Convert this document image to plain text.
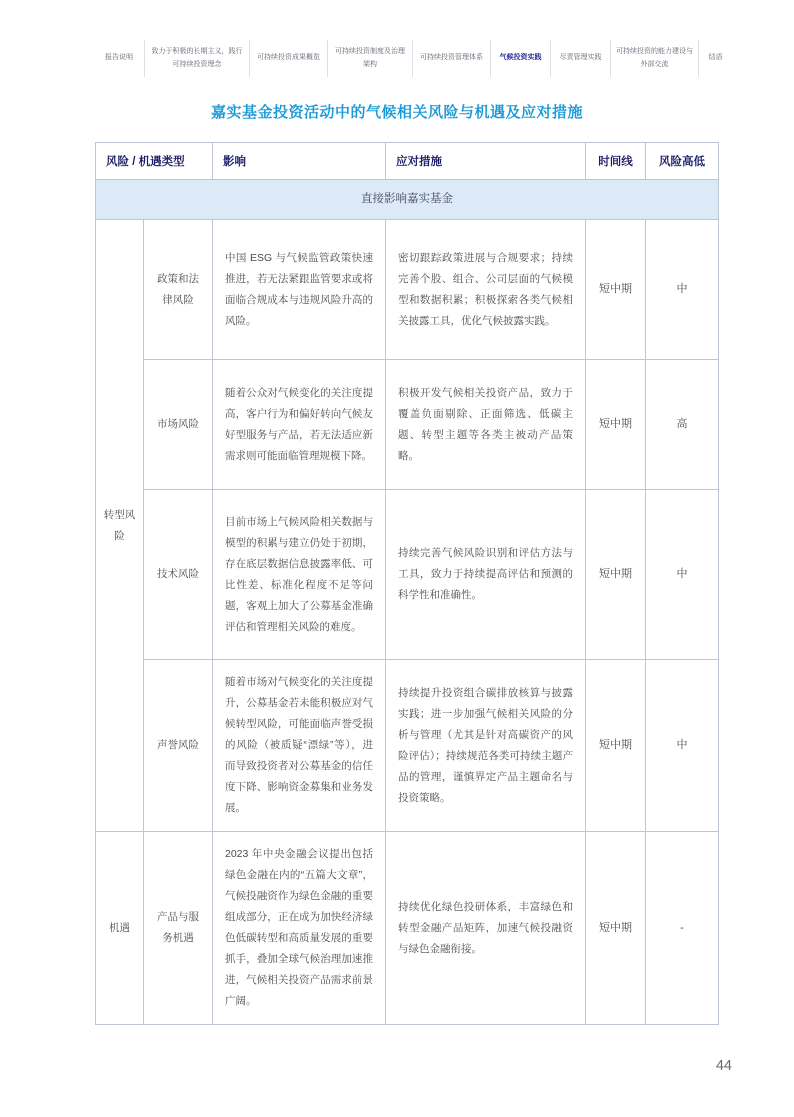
报告说明
致力于积极的长期主义，践行可持续投资理念
可持续投资成果概览
可持续投资制度及治理架构
可持续投资管理体系 气候投资实践	尽责管理实践
可持续投资的能力建设与外部交流
结语
嘉实基金投资活动中的气候相关风险与机遇及应对措施
风险 / 机遇类型		影响	应对措施	时间线	风险高低
直接影响嘉实基金					
转型风险	政策和法律风险	中国 ESG 与气候监管政策快速推进，若无法紧跟监管要求或将面临合规成本与违规风险升高的风险。	密切跟踪政策进展与合规要求；持续完善个股、组合、公司层面的气候模型和数据积累；积极探索各类气候相关披露工具，优化气候披露实践。	短中期	中
	市场风险	随着公众对气候变化的关注度提高，客户行为和偏好转向气候友好型服务与产品，若无法适应新需求则可能面临管理规模下降。	积极开发气候相关投资产品，致力于覆盖负面剔除、正面筛选、低碳主题、转型主题等各类主被动产品策略。	短中期	高
	技术风险	目前市场上气候风险相关数据与模型的积累与建立仍处于初期，存在底层数据信息披露率低、可比性差、标准化程度不足等问题，客观上加大了公募基金准确评估和管理相关风险的难度。	持续完善气候风险识别和评估方法与工具，致力于持续提高评估和预测的科学性和准确性。	短中期	中
	声誉风险	随着市场对气候变化的关注度提升，公募基金若未能积极应对气候转型风险，可能面临声誉受损的风险（被质疑“漂绿”等），进而导致投资者对公募基金的信任度下降、影响资金募集和业务发展。	持续提升投资组合碳排放核算与披露实践；进一步加强气候相关风险的分析与管理（尤其是针对高碳资产的风险评估）；持续规范各类可持续主题产品的管理，谨慎界定产品主题命名与投资策略。	短中期	中
机遇	产品与服务机遇	2023 年中央金融会议提出包括绿色金融在内的“五篇大文章”，气候投融资作为绿色金融的重要组成部分，正在成为加快经济绿色低碳转型和高质量发展的重要抓手，叠加全球气候治理加速推进，气候相关投资产品需求前景广阔。	持续优化绿色投研体系，丰富绿色和转型金融产品矩阵，加速气候投融资与绿色金融衔接。	短中期	-
44
